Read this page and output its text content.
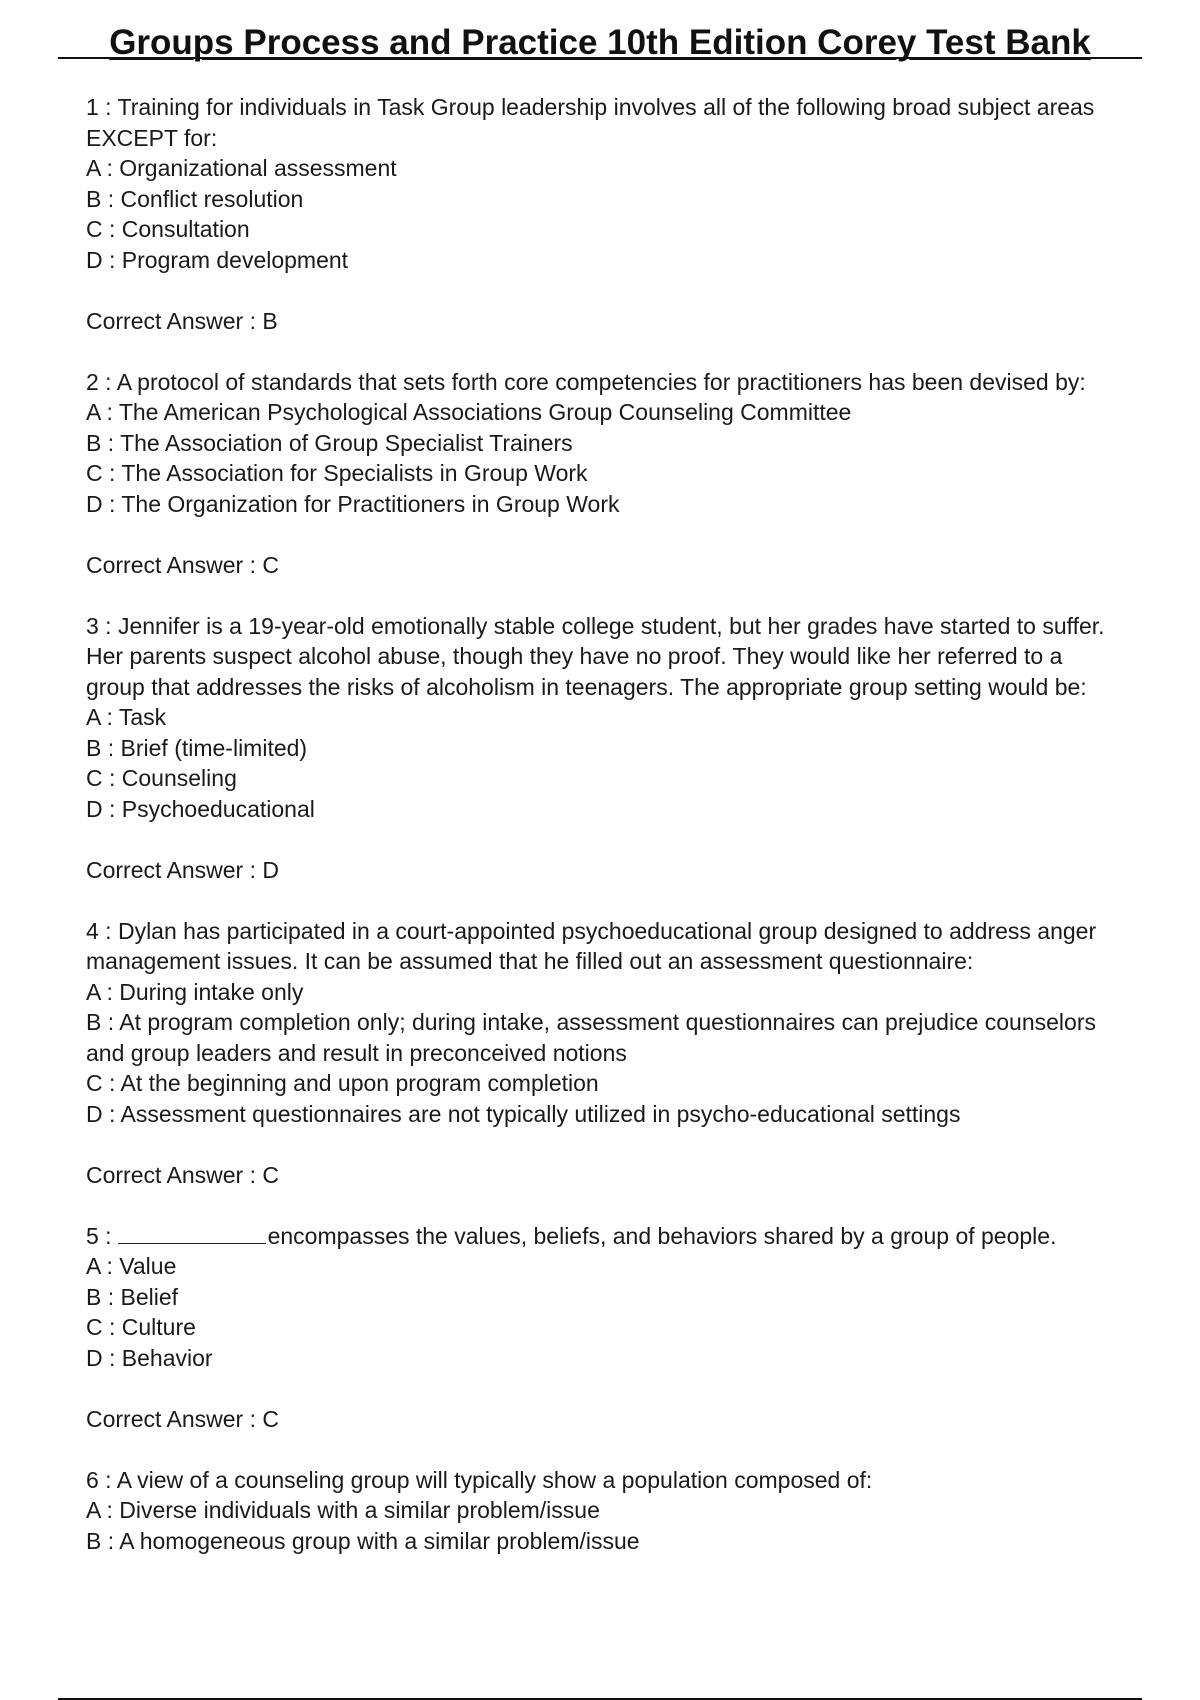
Groups Process and Practice 10th Edition Corey Test Bank

1 : Training for individuals in Task Group leadership involves all of the following broad subject areas EXCEPT for:

A : Organizational assessment

B : Conflict resolution

C : Consultation

D : Program development

Correct Answer : B

2 : A protocol of standards that sets forth core competencies for practitioners has been devised by:

A : The American Psychological Associations Group Counseling Committee

B : The Association of Group Specialist Trainers

C : The Association for Specialists in Group Work

D : The Organization for Practitioners in Group Work

Correct Answer : C

3 : Jennifer is a 19-year-old emotionally stable college student, but her grades have started to suffer. Her parents suspect alcohol abuse, though they have no proof. They would like her referred to a group that addresses the risks of alcoholism in teenagers. The appropriate group setting would be:

A : Task

B : Brief (time-limited)

C : Counseling

D : Psychoeducational

Correct Answer : D

4 : Dylan has participated in a court-appointed psychoeducational group designed to address anger management issues. It can be assumed that he filled out an assessment questionnaire:

A : During intake only

B : At program completion only; during intake, assessment questionnaires can prejudice counselors and group leaders and result in preconceived notions

C : At the beginning and upon program completion

D : Assessment questionnaires are not typically utilized in psycho-educational settings

Correct Answer : C

5 :	encompasses the values, beliefs, and behaviors shared by a group of people.

A : Value

B : Belief

C : Culture

D : Behavior

Correct Answer : C

6 : A view of a counseling group will typically show a population composed of:

A : Diverse individuals with a similar problem/issue

B : A homogeneous group with a similar problem/issue
